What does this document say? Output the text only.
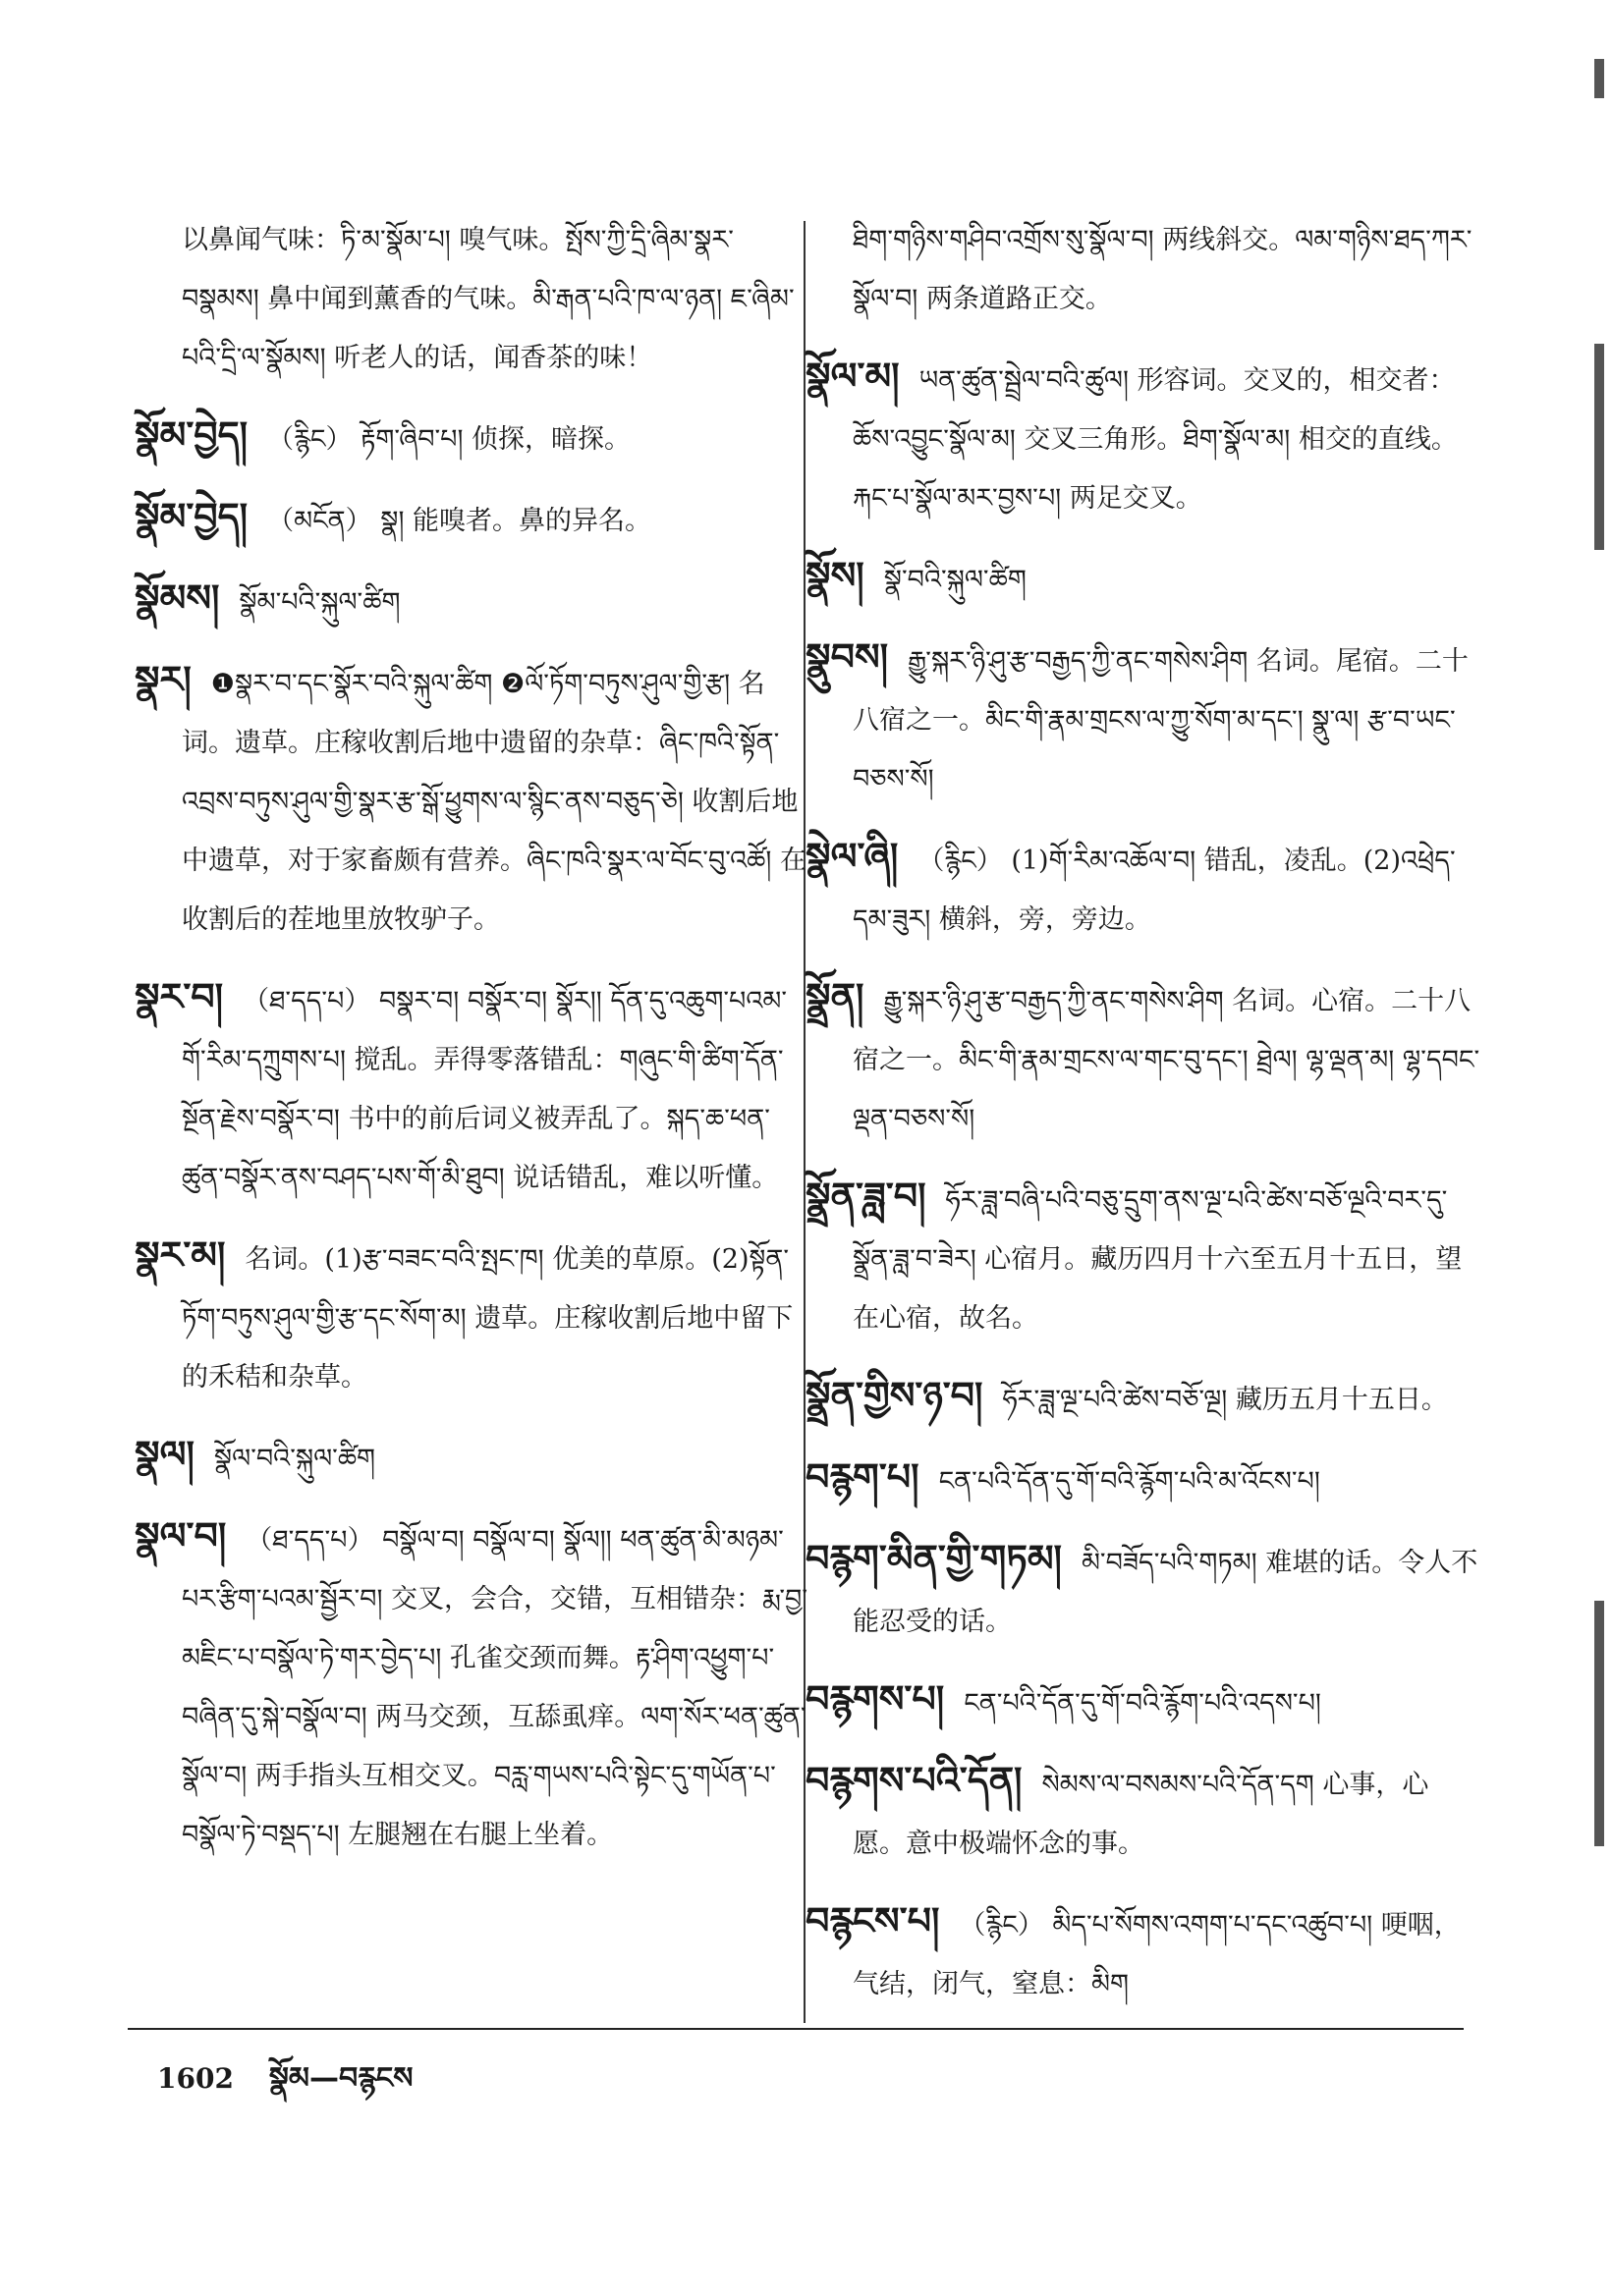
以鼻闻气味：ཏི་མ་སྣོམ་པ། 嗅气味。སྤོས་ཀྱི་དྲི་ཞིམ་སྣར་བསྣམས། 鼻中闻到薰香的气味。མི་རྒན་པའི་ཁ་ལ་ཉན། ཇ་ཞིམ་པའི་དྲི་ལ་སྣོམས། 听老人的话，闻香茶的味！
སྣོམ་བྱེད། （རྙིང） རྟོག་ཞིབ་པ། 侦探，暗探。
སྣོམ་བྱེད། （མངོན） སྣ། 能嗅者。鼻的异名。
སྣོམས། སྣོམ་པའི་སྐུལ་ཚིག
སྣར། ❶སྣར་བ་དང་སྣོར་བའི་སྐུལ་ཚིག ❷ལོ་ཏོག་བཏུས་ཤུལ་གྱི་རྩ། 名词。遗草。庄稼收割后地中遗留的杂草：ཞིང་ཁའི་སྟོན་འབྲས་བཏུས་ཤུལ་གྱི་སྣར་རྩ་སྒོ་ཕྱུགས་ལ་སྙིང་ནས་བཅུད་ཅེ། 收割后地中遗草，对于家畜颇有营养。ཞིང་ཁའི་སྣར་ལ་བོང་བུ་འཚོ། 在收割后的茬地里放牧驴子。
སྣར་བ། （ཐ་དད་པ） བསྣར་བ། བསྣོར་བ། སྣོར།། དོན་དུ་འཆུག་པའམ་གོ་རིམ་དཀྲུགས་པ། 搅乱。弄得零落错乱：གཞུང་གི་ཚིག་དོན་སྔོན་རྗེས་བསྣོར་བ། 书中的前后词义被弄乱了。སྐད་ཆ་ཕན་ཚུན་བསྣོར་ནས་བཤད་པས་གོ་མི་ཐུབ། 说话错乱，难以听懂。
སྣར་མ། 名词。(1)རྩ་བཟང་བའི་སྤང་ཁ། 优美的草原。(2)སྟོན་ཏོག་བཏུས་ཤུལ་གྱི་རྩ་དང་སོག་མ། 遗草。庄稼收割后地中留下的禾秸和杂草。
སྣལ། སྣོལ་བའི་སྐུལ་ཚིག
སྣལ་བ། （ཐ་དད་པ） བསྣོལ་བ། བསྣོལ་བ། སྣོལ།། ཕན་ཚུན་མི་མཉམ་པར་རྩིག་པའམ་སྦྱོར་བ། 交叉，会合，交错，互相错杂：རྨ་བྱ་མཇིང་པ་བསྣོལ་ཏེ་གར་བྱེད་པ། 孔雀交颈而舞。རྟ་ཤིག་འཕྱུག་པ་བཞིན་དུ་སྐེ་བསྣོལ་བ། 两马交颈，互舔虱痒。ལག་སོར་ཕན་ཚུན་སྣོལ་བ། 两手指头互相交叉。བརླ་གཡས་པའི་སྟེང་དུ་གཡོན་པ་བསྣོལ་ཏེ་བསྡད་པ། 左腿翘在右腿上坐着。
ཐིག་གཉིས་གཤིབ་འགྲོས་སུ་སྣོལ་བ། 两线斜交。ལམ་གཉིས་ཐད་ཀར་སྣོལ་བ། 两条道路正交。
སྣོལ་མ། ཡན་ཚུན་སྦྲེལ་བའི་ཚུལ། 形容词。交叉的，相交者：ཆོས་འབྱུང་སྣོལ་མ། 交叉三角形。ཐིག་སྣོལ་མ། 相交的直线。རྐང་པ་སྣོལ་མར་བྱས་པ། 两足交叉。
སྣོས། སྣོ་བའི་སྐུལ་ཚིག
སྣུབས། རྒྱུ་སྐར་ཉི་ཤུ་རྩ་བརྒྱད་ཀྱི་ནང་གསེས་ཤིག 名词。尾宿。二十八宿之一。མིང་གི་རྣམ་གྲངས་ལ་ཀྱུ་སོག་མ་དང་། སྣུ་ལ། རྩ་བ་ཡང་བཅས་སོ།
སྣེལ་ཞི། （རྙིང） (1)གོ་རིམ་འཆོལ་བ། 错乱，凌乱。(2)འཕྲེད་དམ་ཟུར། 横斜，旁，旁边。
སྣྲོན། རྒྱུ་སྐར་ཉི་ཤུ་རྩ་བརྒྱད་ཀྱི་ནང་གསེས་ཤིག 名词。心宿。二十八宿之一。མིང་གི་རྣམ་གྲངས་ལ་གང་བུ་དང་། ཐྲེལ། ལྷ་ལྡན་མ། ལྷ་དབང་ལྡན་བཅས་སོ།
སྣྲོན་ཟླ་བ། ཧོར་ཟླ་བཞི་པའི་བཅུ་དྲུག་ནས་ལྔ་པའི་ཚེས་བཅོ་ལྔའི་བར་དུ་སྣྲོན་ཟླ་བ་ཟེར། 心宿月。藏历四月十六至五月十五日，望在心宿，故名。
སྣྲོན་གྱིས་ཉ་བ། ཧོར་ཟླ་ལྔ་པའི་ཚེས་བཅོ་ལྔ། 藏历五月十五日。
བརྙག་པ། ངན་པའི་དོན་དུ་གོ་བའི་རྙོག་པའི་མ་འོངས་པ།
བརྙག་མིན་གྱི་གཏམ། མི་བཟོད་པའི་གཏམ། 难堪的话。令人不能忍受的话。
བརྙགས་པ། ངན་པའི་དོན་དུ་གོ་བའི་རྙོག་པའི་འདས་པ།
བརྙགས་པའི་དོན། སེམས་ལ་བསམས་པའི་དོན་དག 心事，心愿。意中极端怀念的事。
བརྙངས་པ། （རྙིང） མིད་པ་སོགས་འགག་པ་དང་འཚུབ་པ། 哽咽，气结，闭气，窒息：མིག
1602 སྣོམ—བརྙངས
